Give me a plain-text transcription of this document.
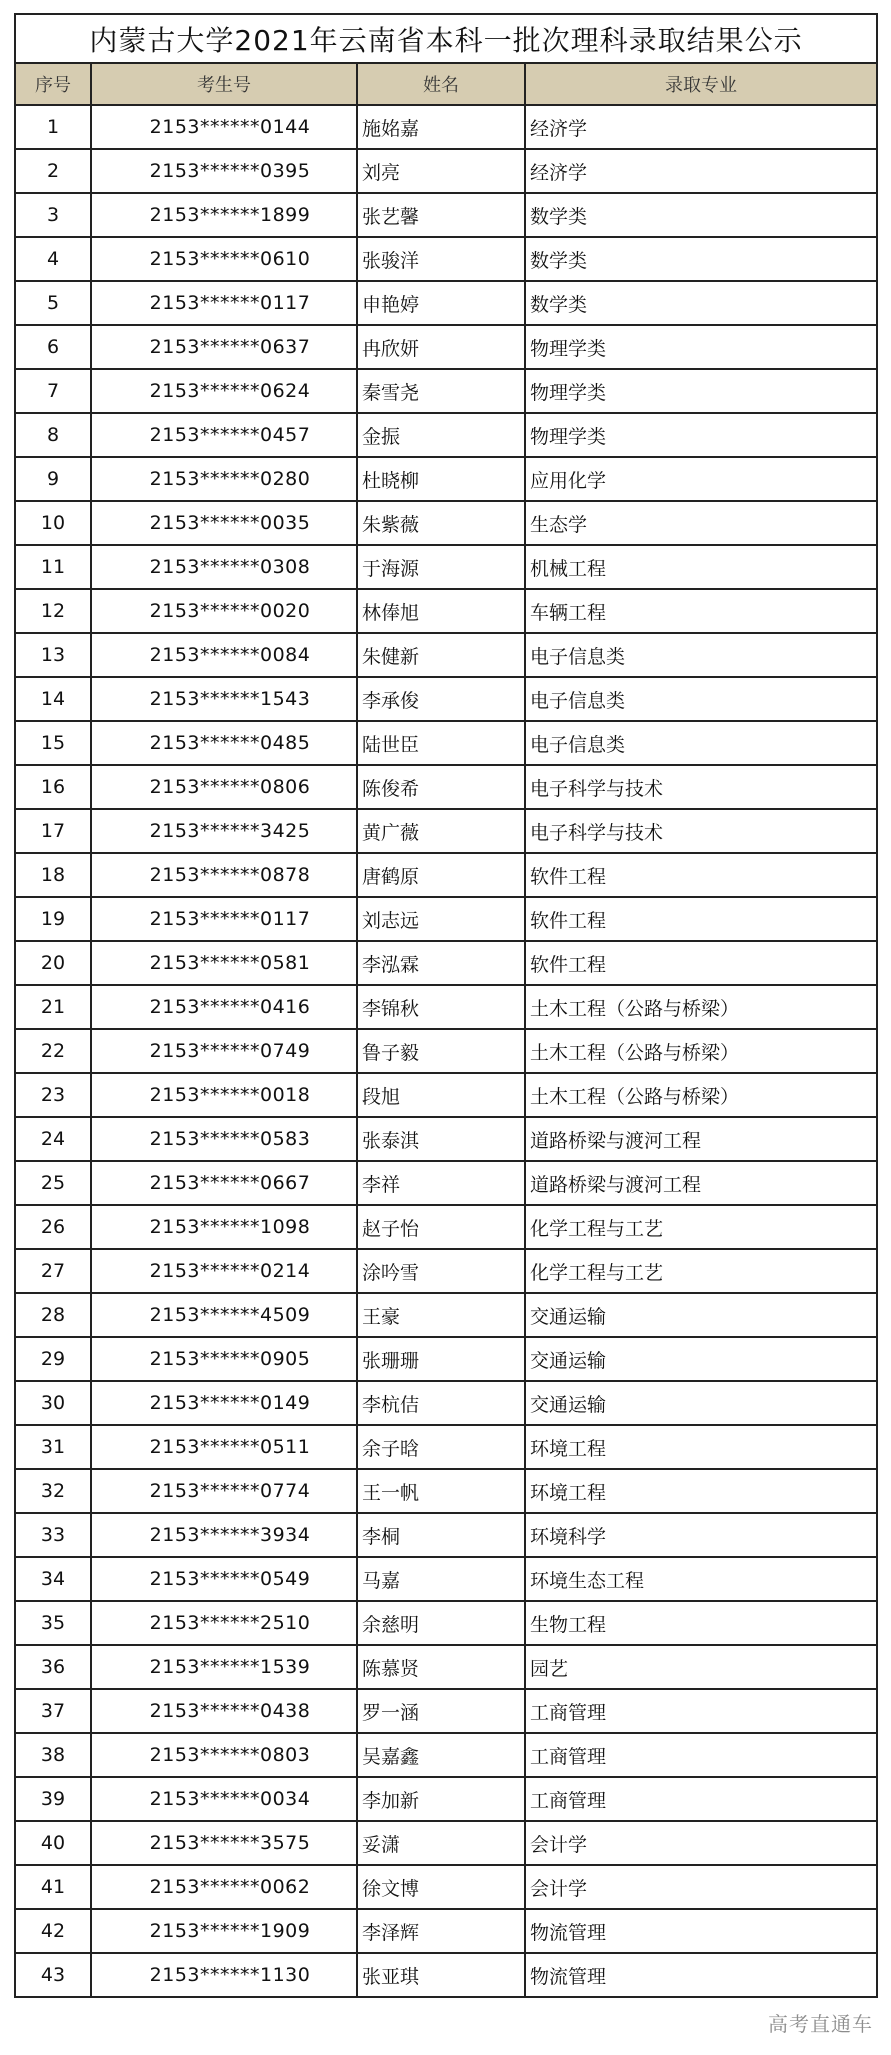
内蒙古大学2021年云南省本科一批次理科录取结果公示			
序号	考生号	姓名	录取专业
1	2153******0144	施姳嘉	经济学
2	2153******0395	刘亮	经济学
3	2153******1899	张艺馨	数学类
4	2153******0610	张骏洋	数学类
5	2153******0117	申艳婷	数学类
6	2153******0637	冉欣妍	物理学类
7	2153******0624	秦雪尧	物理学类
8	2153******0457	金振	物理学类
9	2153******0280	杜晓柳	应用化学
10	2153******0035	朱紫薇	生态学
11	2153******0308	于海源	机械工程
12	2153******0020	林俸旭	车辆工程
13	2153******0084	朱健新	电子信息类
14	2153******1543	李承俊	电子信息类
15	2153******0485	陆世臣	电子信息类
16	2153******0806	陈俊希	电子科学与技术
17	2153******3425	黄广薇	电子科学与技术
18	2153******0878	唐鹤原	软件工程
19	2153******0117	刘志远	软件工程
20	2153******0581	李泓霖	软件工程
21	2153******0416	李锦秋	土木工程（公路与桥梁）
22	2153******0749	鲁子毅	土木工程（公路与桥梁）
23	2153******0018	段旭	土木工程（公路与桥梁）
24	2153******0583	张泰淇	道路桥梁与渡河工程
25	2153******0667	李祥	道路桥梁与渡河工程
26	2153******1098	赵子怡	化学工程与工艺
27	2153******0214	涂吟雪	化学工程与工艺
28	2153******4509	王豪	交通运输
29	2153******0905	张珊珊	交通运输
30	2153******0149	李杭佶	交通运输
31	2153******0511	余子晗	环境工程
32	2153******0774	王一帆	环境工程
33	2153******3934	李桐	环境科学
34	2153******0549	马嘉	环境生态工程
35	2153******2510	余慈明	生物工程
36	2153******1539	陈慕贤	园艺
37	2153******0438	罗一涵	工商管理
38	2153******0803	吴嘉鑫	工商管理
39	2153******0034	李加新	工商管理
40	2153******3575	妥潇	会计学
41	2153******0062	徐文博	会计学
42	2153******1909	李泽辉	物流管理
43	2153******1130	张亚琪	物流管理
高考直通车
